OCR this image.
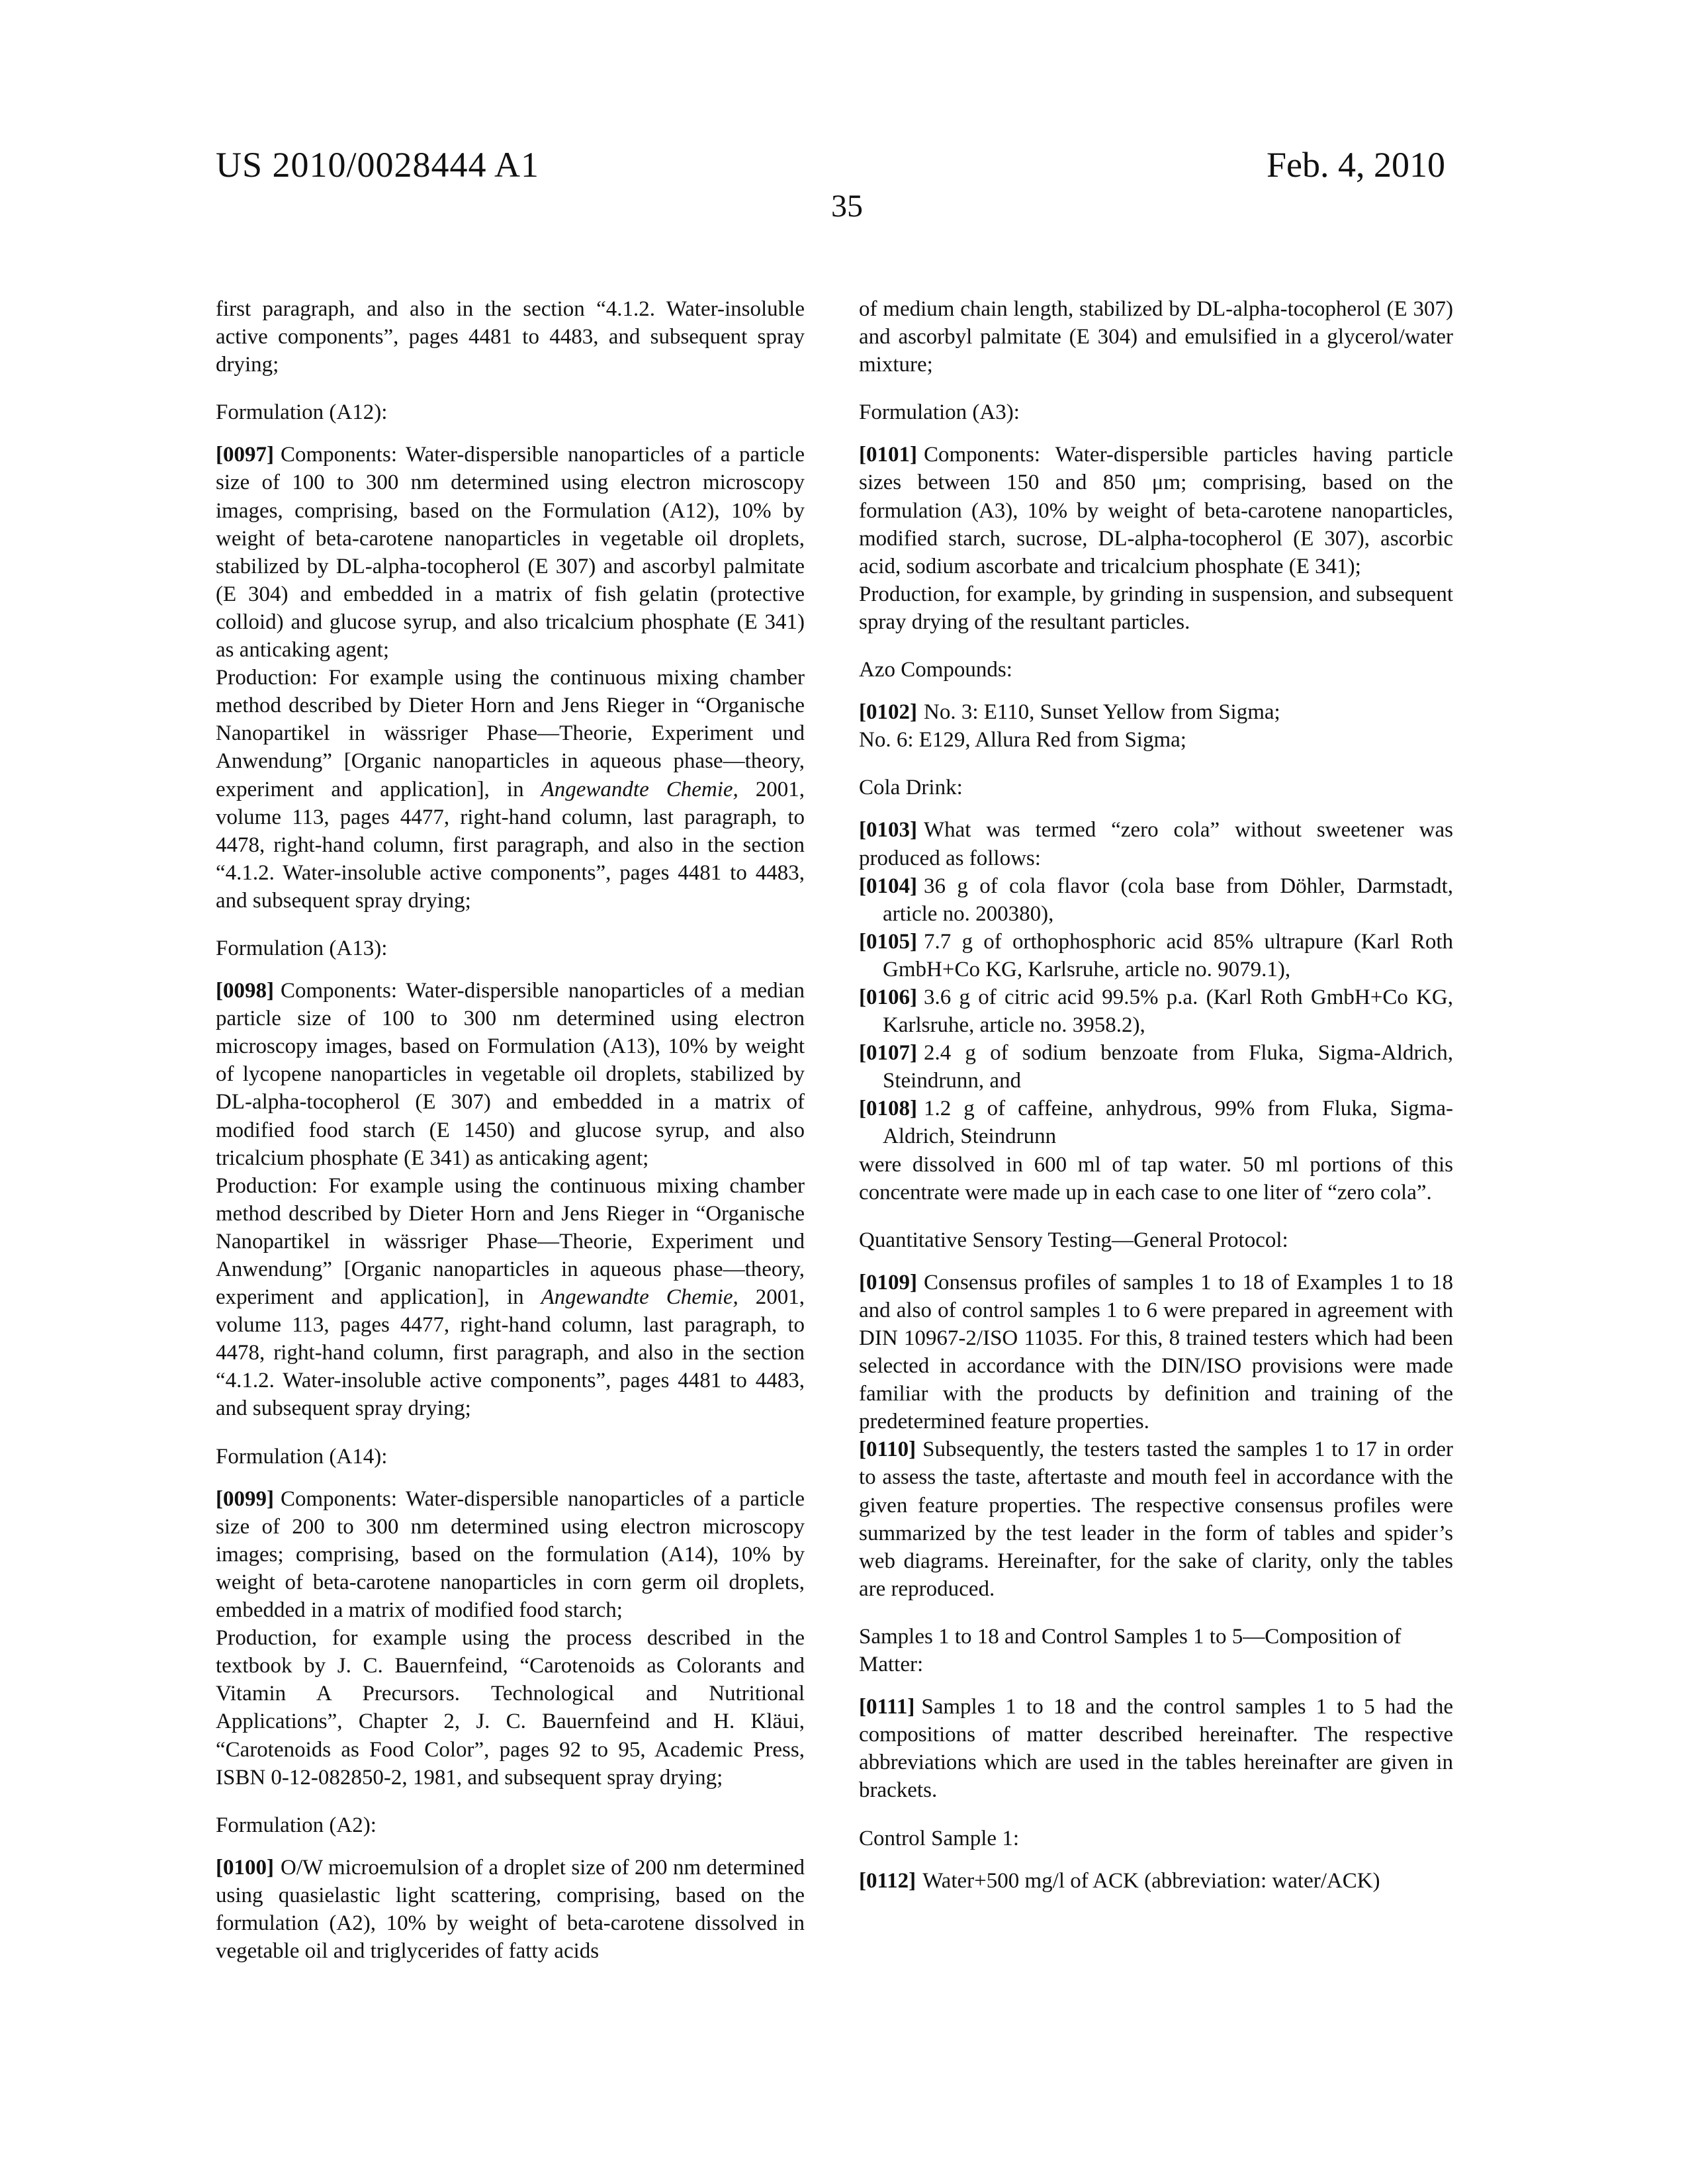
US 2010/0028444 A1	Feb. 4, 2010
35

first paragraph, and also in the section “4.1.2. Water-insoluble active components”, pages 4481 to 4483, and subsequent spray drying;

Formulation (A12):

[0097] Components: Water-dispersible nanoparticles of a particle size of 100 to 300 nm determined using electron microscopy images, comprising, based on the Formulation (A12), 10% by weight of beta-carotene nanoparticles in vegetable oil droplets, stabilized by DL-alpha-tocopherol (E 307) and ascorbyl palmitate (E 304) and embedded in a matrix of fish gelatin (protective colloid) and glucose syrup, and also tricalcium phosphate (E 341) as anticaking agent;

Production: For example using the continuous mixing chamber method described by Dieter Horn and Jens Rieger in “Organische Nanopartikel in wässriger Phase—Theorie, Experiment und Anwendung” [Organic nanoparticles in aqueous phase—theory, experiment and application], in Angewandte Chemie, 2001, volume 113, pages 4477, right-hand column, last paragraph, to 4478, right-hand column, first paragraph, and also in the section “4.1.2. Water-insoluble active components”, pages 4481 to 4483, and subsequent spray drying;

Formulation (A13):

[0098] Components: Water-dispersible nanoparticles of a median particle size of 100 to 300 nm determined using electron microscopy images, based on Formulation (A13), 10% by weight of lycopene nanoparticles in vegetable oil droplets, stabilized by DL-alpha-tocopherol (E 307) and embedded in a matrix of modified food starch (E 1450) and glucose syrup, and also tricalcium phosphate (E 341) as anticaking agent;

Production: For example using the continuous mixing chamber method described by Dieter Horn and Jens Rieger in “Organische Nanopartikel in wässriger Phase—Theorie, Experiment und Anwendung” [Organic nanoparticles in aqueous phase—theory, experiment and application], in Angewandte Chemie, 2001, volume 113, pages 4477, right-hand column, last paragraph, to 4478, right-hand column, first paragraph, and also in the section “4.1.2. Water-insoluble active components”, pages 4481 to 4483, and subsequent spray drying;

Formulation (A14):

[0099] Components: Water-dispersible nanoparticles of a particle size of 200 to 300 nm determined using electron microscopy images; comprising, based on the formulation (A14), 10% by weight of beta-carotene nanoparticles in corn germ oil droplets, embedded in a matrix of modified food starch;

Production, for example using the process described in the textbook by J. C. Bauernfeind, “Carotenoids as Colorants and Vitamin A Precursors. Technological and Nutritional Applications”, Chapter 2, J. C. Bauernfeind and H. Kläui, “Carotenoids as Food Color”, pages 92 to 95, Academic Press, ISBN 0-12-082850-2, 1981, and subsequent spray drying;

Formulation (A2):

[0100] O/W microemulsion of a droplet size of 200 nm determined using quasielastic light scattering, comprising, based on the formulation (A2), 10% by weight of beta-carotene dissolved in vegetable oil and triglycerides of fatty acids

of medium chain length, stabilized by DL-alpha-tocopherol (E 307) and ascorbyl palmitate (E 304) and emulsified in a glycerol/water mixture;

Formulation (A3):

[0101] Components: Water-dispersible particles having particle sizes between 150 and 850 μm; comprising, based on the formulation (A3), 10% by weight of beta-carotene nanoparticles, modified starch, sucrose, DL-alpha-tocopherol (E 307), ascorbic acid, sodium ascorbate and tricalcium phosphate (E 341);

Production, for example, by grinding in suspension, and subsequent spray drying of the resultant particles.

Azo Compounds:

[0102] No. 3: E110, Sunset Yellow from Sigma;

No. 6: E129, Allura Red from Sigma;

Cola Drink:

[0103] What was termed “zero cola” without sweetener was produced as follows:

[0104] 36 g of cola flavor (cola base from Döhler, Darmstadt, article no. 200380),

[0105] 7.7 g of orthophosphoric acid 85% ultrapure (Karl Roth GmbH+Co KG, Karlsruhe, article no. 9079.1),

[0106] 3.6 g of citric acid 99.5% p.a. (Karl Roth GmbH+Co KG, Karlsruhe, article no. 3958.2),

[0107] 2.4 g of sodium benzoate from Fluka, Sigma-Aldrich, Steindrunn, and

[0108] 1.2 g of caffeine, anhydrous, 99% from Fluka, Sigma-Aldrich, Steindrunn

were dissolved in 600 ml of tap water. 50 ml portions of this concentrate were made up in each case to one liter of “zero cola”.

Quantitative Sensory Testing—General Protocol:

[0109] Consensus profiles of samples 1 to 18 of Examples 1 to 18 and also of control samples 1 to 6 were prepared in agreement with DIN 10967-2/ISO 11035. For this, 8 trained testers which had been selected in accordance with the DIN/ISO provisions were made familiar with the products by definition and training of the predetermined feature properties.

[0110] Subsequently, the testers tasted the samples 1 to 17 in order to assess the taste, aftertaste and mouth feel in accordance with the given feature properties. The respective consensus profiles were summarized by the test leader in the form of tables and spider’s web diagrams. Hereinafter, for the sake of clarity, only the tables are reproduced.

Samples 1 to 18 and Control Samples 1 to 5—Composition of Matter:

[0111] Samples 1 to 18 and the control samples 1 to 5 had the compositions of matter described hereinafter. The respective abbreviations which are used in the tables hereinafter are given in brackets.

Control Sample 1:

[0112] Water+500 mg/l of ACK (abbreviation: water/ACK)
